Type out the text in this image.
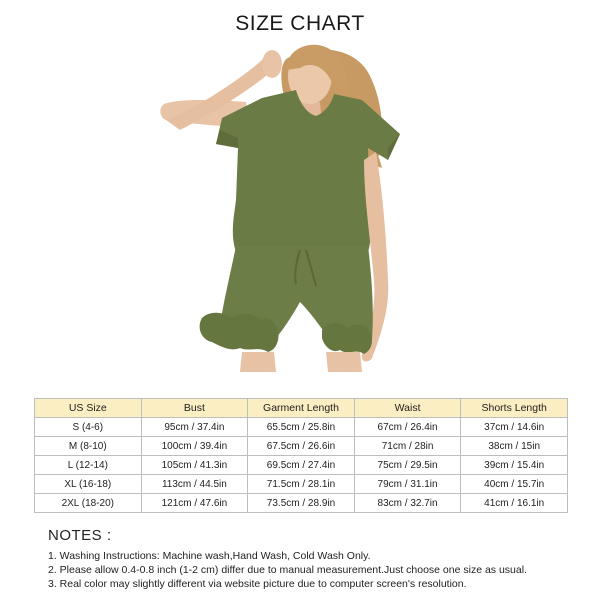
SIZE CHART
US Size	Bust	Garment Length	Waist	Shorts Length
S (4-6)	95cm / 37.4in	65.5cm / 25.8in	67cm / 26.4in	37cm / 14.6in
M (8-10)	100cm / 39.4in	67.5cm / 26.6in	71cm / 28in	38cm / 15in
L (12-14)	105cm / 41.3in	69.5cm / 27.4in	75cm / 29.5in	39cm / 15.4in
XL (16-18)	113cm / 44.5in	71.5cm / 28.1in	79cm / 31.1in	40cm / 15.7in
2XL (18-20)	121cm / 47.6in	73.5cm / 28.9in	83cm / 32.7in	41cm / 16.1in
NOTES :
1. Washing Instructions: Machine wash,Hand Wash, Cold Wash Only.
2. Please allow 0.4-0.8 inch (1-2 cm) differ due to manual measurement.Just choose one size as usual.
3. Real color may slightly different via website picture due to computer screen's resolution.
